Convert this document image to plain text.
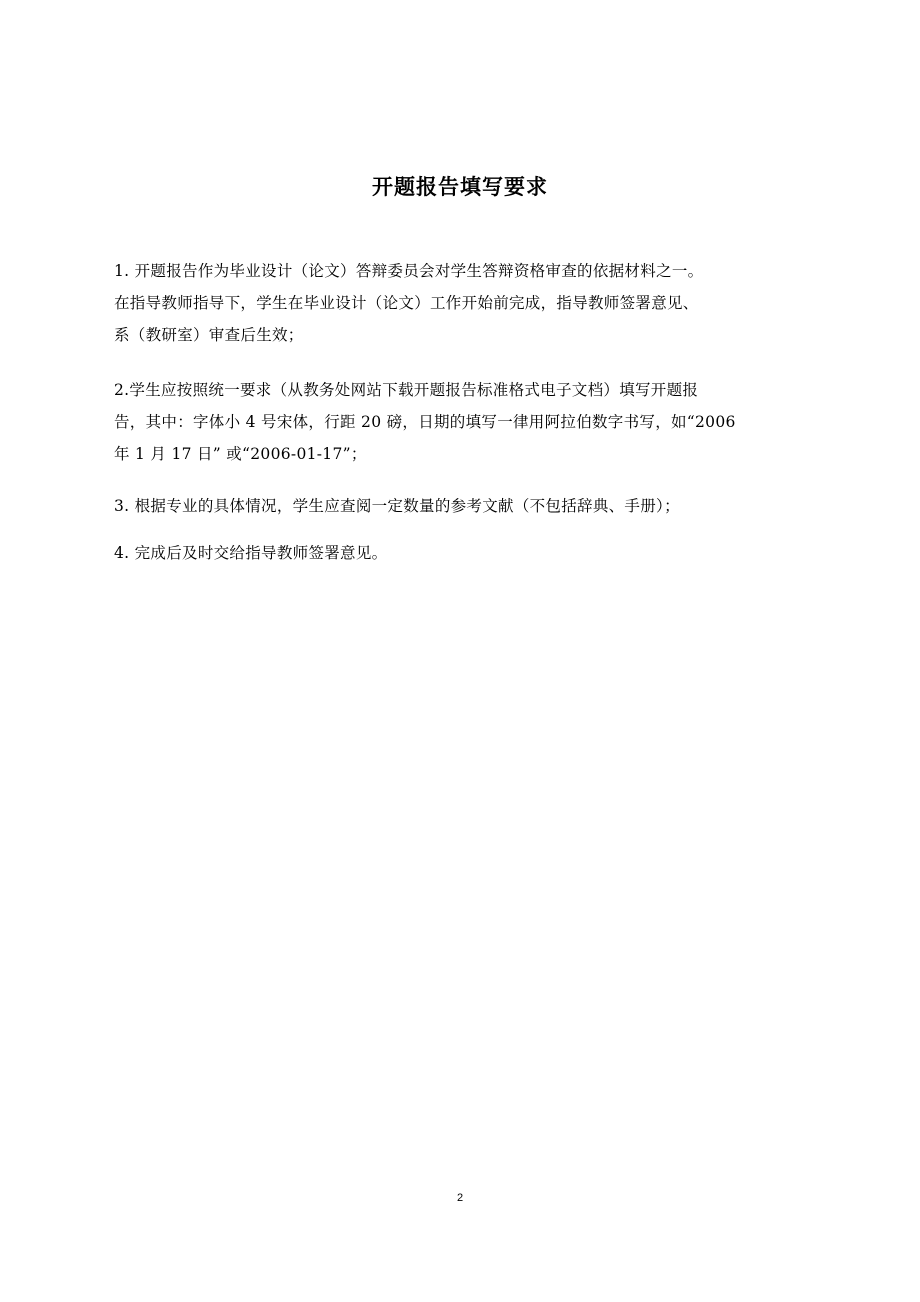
开题报告填写要求
1. 开题报告作为毕业设计（论文）答辩委员会对学生答辩资格审查的依据材料之一。
在指导教师指导下，学生在毕业设计（论文）工作开始前完成，指导教师签署意见、
系（教研室）审查后生效；
2.学生应按照统一要求（从教务处网站下载开题报告标准格式电子文档）填写开题报
告，其中：字体小 4 号宋体，行距 20 磅，日期的填写一律用阿拉伯数字书写，如“2006
年 1 月 17 日” 或“2006-01-17”；
3. 根据专业的具体情况，学生应查阅一定数量的参考文献（不包括辞典、手册）；
4. 完成后及时交给指导教师签署意见。
2
